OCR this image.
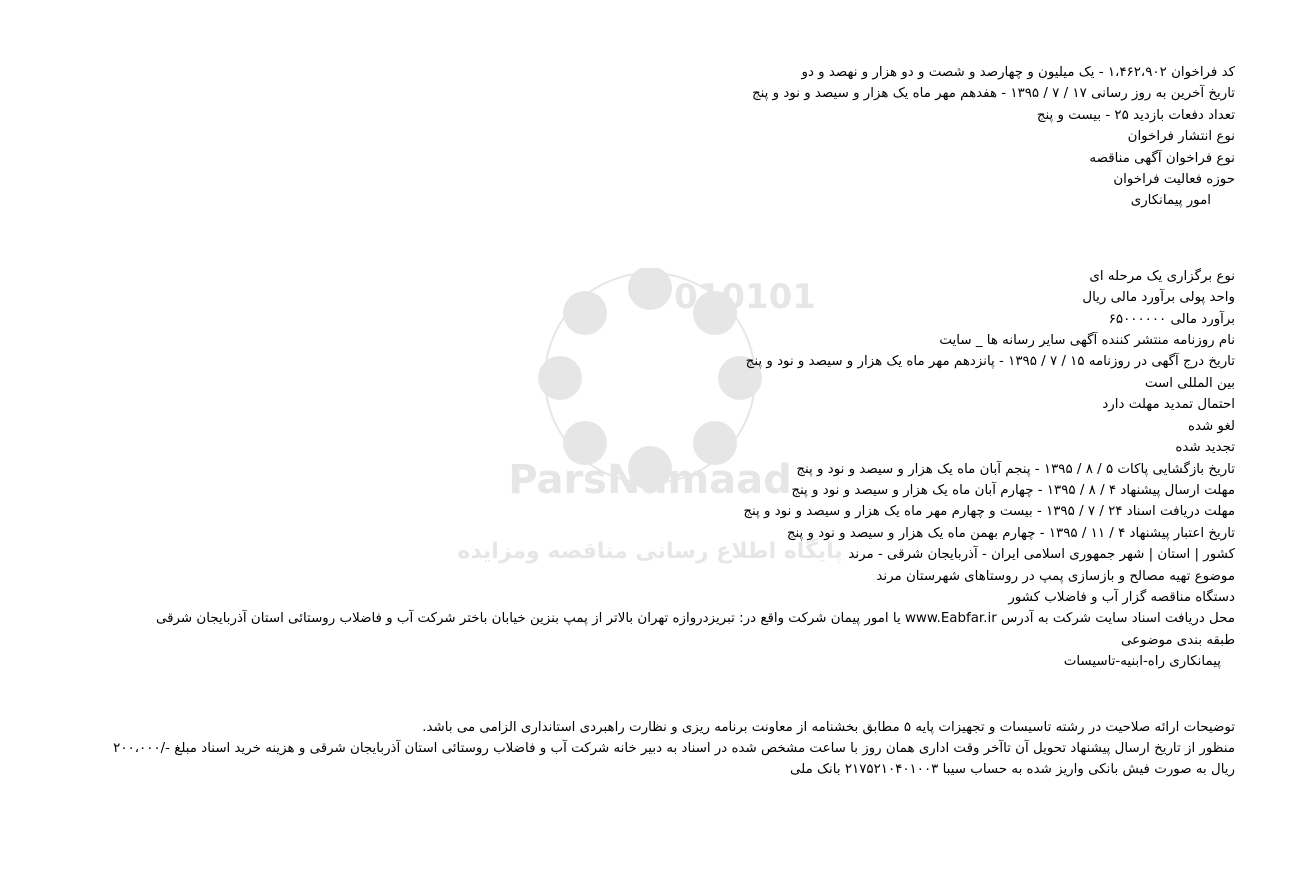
010101
ParsNamaad
پایگاه اطلاع رسانی مناقصه ومزایده
کد فراخوان ۱،۴۶۲،۹۰۲ - یک میلیون و چهارصد و شصت و دو هزار و نهصد و دو
تاریخ آخرین به روز رسانی ۱۷ / ۷ / ۱۳۹۵ - هفدهم مهر ماه یک هزار و سیصد و نود و پنج
تعداد دفعات بازدید ۲۵ - بیست و پنج
نوع انتشار فراخوان
نوع فراخوان آگهی مناقصه
حوزه فعالیت فراخوان
امور پیمانکاری
نوع برگزاری یک مرحله ای
واحد پولی برآورد مالی ریال
برآورد مالی ۶۵۰۰۰۰۰۰
نام روزنامه منتشر کننده آگهی سایر رسانه ها _ سایت
تاریخ درج آگهی در روزنامه ۱۵ / ۷ / ۱۳۹۵ - پانزدهم مهر ماه یک هزار و سیصد و نود و پنج
بین المللی است
احتمال تمدید مهلت دارد
لغو شده
تجدید شده
تاریخ بازگشایی پاکات ۵ / ۸ / ۱۳۹۵ - پنجم آبان ماه یک هزار و سیصد و نود و پنج
مهلت ارسال پیشنهاد ۴ / ۸ / ۱۳۹۵ - چهارم آبان ماه یک هزار و سیصد و نود و پنج
مهلت دریافت اسناد ۲۴ / ۷ / ۱۳۹۵ - بیست و چهارم مهر ماه یک هزار و سیصد و نود و پنج
تاریخ اعتبار پیشنهاد ۴ / ۱۱ / ۱۳۹۵ - چهارم بهمن ماه یک هزار و سیصد و نود و پنج
کشور | استان | شهر جمهوری اسلامی ایران - آذربایجان شرقی - مرند
موضوع تهیه مصالح و بازسازی پمپ در روستاهای شهرستان مرند
دستگاه مناقصه گزار آب و فاضلاب کشور
محل دریافت اسناد سایت شرکت به آدرس www.Eabfar.ir یا امور پیمان شرکت واقع در: تبریزدروازه تهران بالاتر از پمپ بنزین خیابان باختر شرکت آب و فاضلاب روستائی استان آذربایجان شرقی
طبقه بندی موضوعی
پیمانکاری راه-ابنیه-تاسیسات
توضیحات ارائه صلاحیت در رشته تاسیسات و تجهیزات پایه ۵ مطابق بخشنامه از معاونت برنامه ریزی و نظارت راهبردی استانداری الزامی می باشد.
منظور از تاریخ ارسال پیشنهاد تحویل آن تاآخر وقت اداری همان روز با ساعت مشخص شده در اسناد به دبیر خانه شرکت آب و فاضلاب روستائی استان آذربایجان شرقی و هزینه خرید اسناد مبلغ -/۲۰۰،۰۰۰ ریال به صورت فیش بانکی واریز شده به حساب سیبا ۲۱۷۵۲۱۰۴۰۱۰۰۳ بانک ملی
